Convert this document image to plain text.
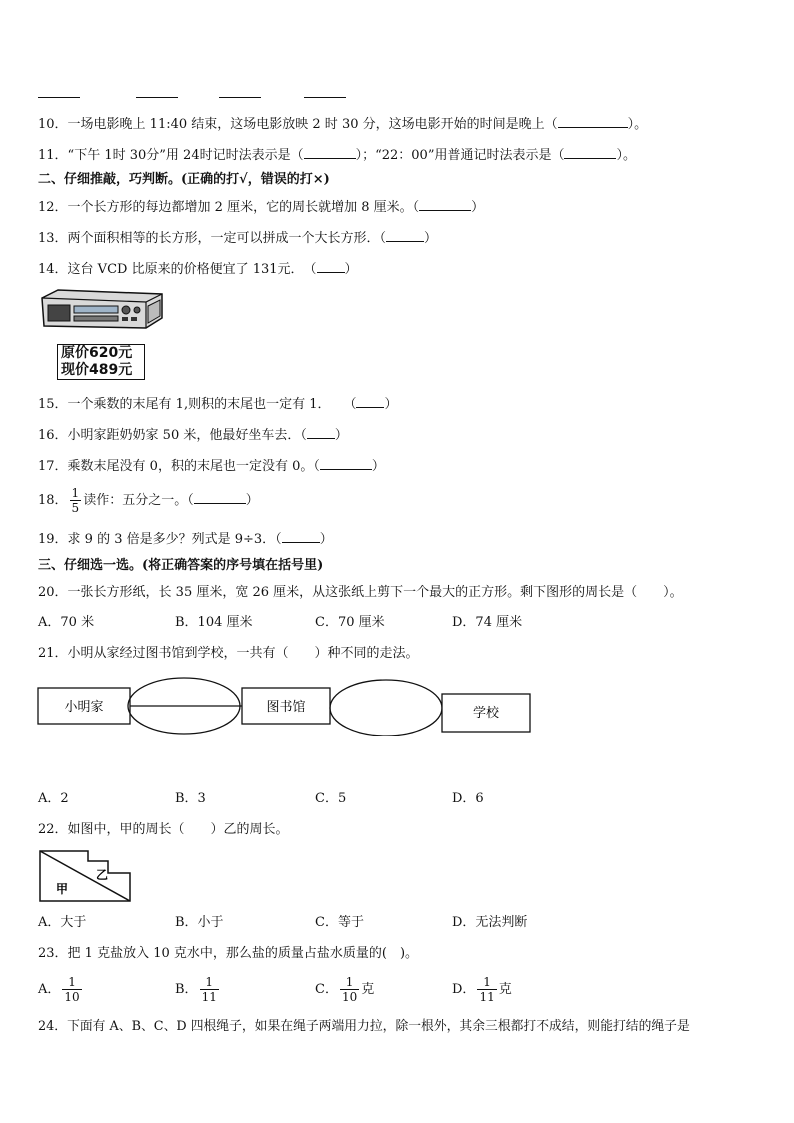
10．一场电影晚上 11:40 结束，这场电影放映 2 时 30 分，这场电影开始的时间是晚上（	）。
11．“下午 1时 30分”用 24时记时法表示是（	）；“22：00”用普通记时法表示是（	）。
二、仔细推敲，巧判断。(正确的打√，错误的打×)
12．一个长方形的每边都增加 2 厘米，它的周长就增加 8 厘米。（	）
13．两个面积相等的长方形，一定可以拼成一个大长方形．（	）
14．这台 VCD 比原来的价格便宜了 131元．　（ ）
原价620元
现价489元
15．一个乘数的末尾有 1,则积的末尾也一定有 1．　　（ ）
16．小明家距奶奶家 50 米，他最好坐车去．（ ）
17．乘数末尾没有 0，积的末尾也一定没有 0。（	）
18． $\frac{1}{5}$ 读作：五分之一。（	）
19．求 9 的 3 倍是多少？列式是 9÷3．（	）
三、仔细选一选。(将正确答案的序号填在括号里)
20．一张长方形纸，长 35 厘米，宽 26 厘米，从这张纸上剪下一个最大的正方形。剩下图形的周长是（　　）。
A．70 米	B．104 厘米	C．70 厘米	D．74 厘米
21．小明从家经过图书馆到学校，一共有（　　）种不同的走法。
小明家	图书馆	学校
A．2	B．3	C．5	D．6
22．如图中，甲的周长（　　）乙的周长。
甲
乙
A．大于	B．小于	C．等于	D．无法判断
23．把 1 克盐放入 10 克水中，那么盐的质量占盐水质量的(　)。
A． $\frac{1}{10}$	B． $\frac{1}{11}$	C． $\frac{1}{10}$ 克	D． $\frac{1}{11}$ 克
24．下面有 A、B、C、D 四根绳子，如果在绳子两端用力拉，除一根外，其余三根都打不成结，则能打结的绳子是
